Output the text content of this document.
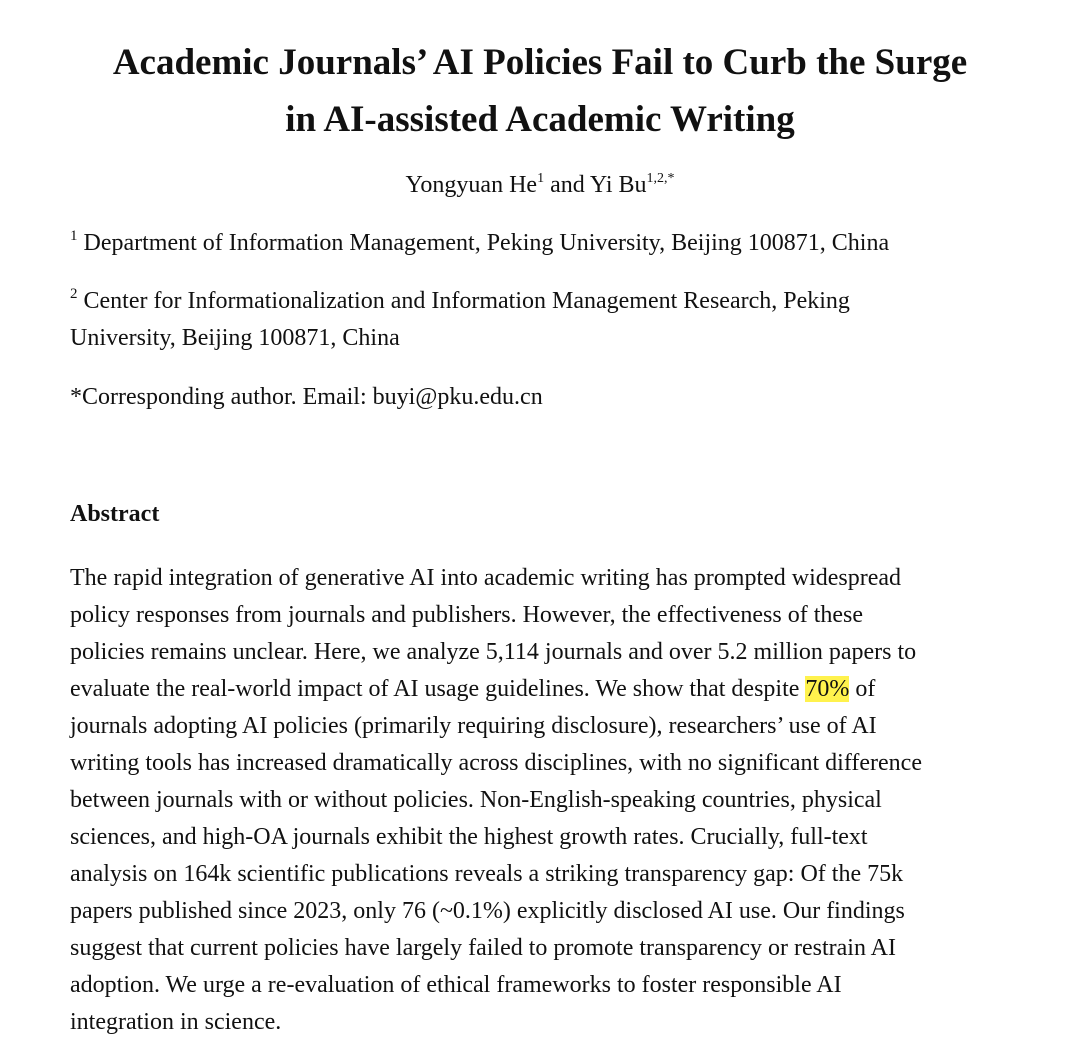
Academic Journals’ AI Policies Fail to Curb the Surge
in AI-assisted Academic Writing

Yongyuan He$^1$ and Yi $Bu^{1,2,*}$

$^1$ Department of Information Management, Peking University, Beijing 100871, China

$^2$ Center for Informationalization and Information Management Research, Peking
University, Beijing 100871, China

*Corresponding author. Email: buyi@pku.edu.cn

Abstract
The rapid integration of generative AI into academic writing has prompted widespread
policy responses from journals and publishers. However, the effectiveness of these
policies remains unclear. Here, we analyze 5,114 journals and over 5.2 million papers to
evaluate the real-world impact of AI usage guidelines. We show that despite 70% of
journals adopting AI policies (primarily requiring disclosure), researchers’ use of AI
writing tools has increased dramatically across disciplines, with no significant difference
between journals with or without policies. Non-English-speaking countries, physical
sciences, and high-OA journals exhibit the highest growth rates. Crucially, full-text
analysis on 164k scientific publications reveals a striking transparency gap: Of the 75k
papers published since 2023, only 76 (~0.1%) explicitly disclosed AI use. Our findings
suggest that current policies have largely failed to promote transparency or restrain AI
adoption. We urge a re-evaluation of ethical frameworks to foster responsible AI
integration in science.
